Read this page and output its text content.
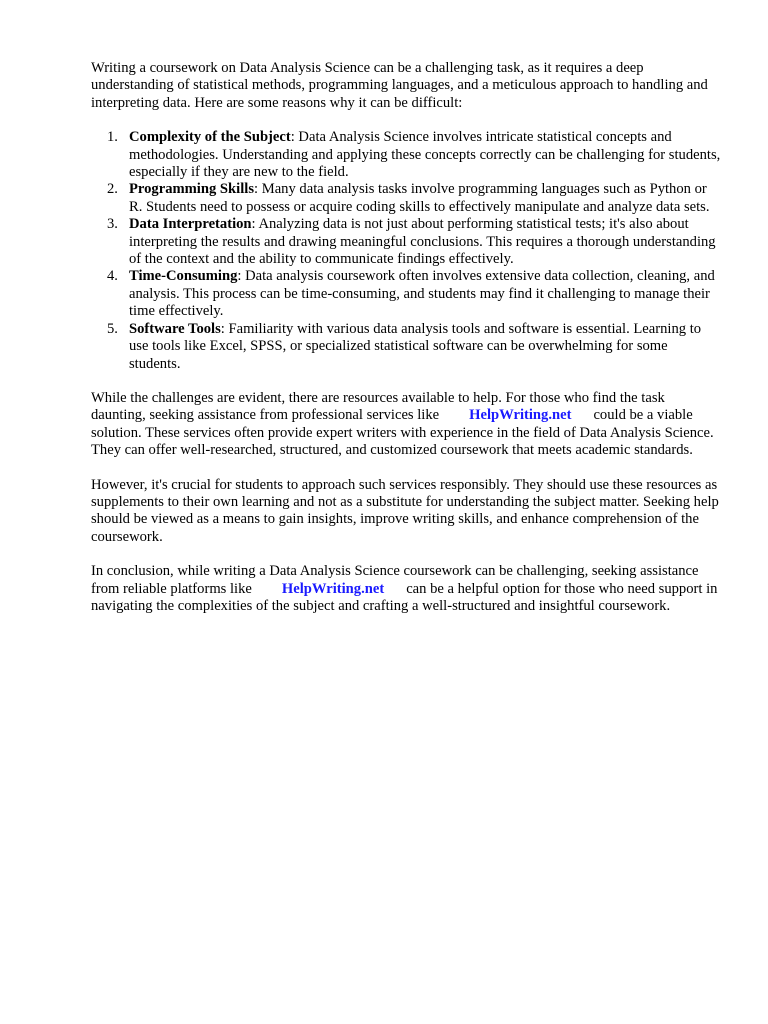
Writing a coursework on Data Analysis Science can be a challenging task, as it requires a deep understanding of statistical methods, programming languages, and a meticulous approach to handling and interpreting data. Here are some reasons why it can be difficult:

1. Complexity of the Subject: Data Analysis Science involves intricate statistical concepts and methodologies. Understanding and applying these concepts correctly can be challenging for students, especially if they are new to the field.
2. Programming Skills: Many data analysis tasks involve programming languages such as Python or R. Students need to possess or acquire coding skills to effectively manipulate and analyze data sets.
3. Data Interpretation: Analyzing data is not just about performing statistical tests; it's also about interpreting the results and drawing meaningful conclusions. This requires a thorough understanding of the context and the ability to communicate findings effectively.
4. Time-Consuming: Data analysis coursework often involves extensive data collection, cleaning, and analysis. This process can be time-consuming, and students may find it challenging to manage their time effectively.
5. Software Tools: Familiarity with various data analysis tools and software is essential. Learning to use tools like Excel, SPSS, or specialized statistical software can be overwhelming for some students.

While the challenges are evident, there are resources available to help. For those who find the task daunting, seeking assistance from professional services like HelpWriting.net could be a viable solution. These services often provide expert writers with experience in the field of Data Analysis Science. They can offer well-researched, structured, and customized coursework that meets academic standards.

However, it's crucial for students to approach such services responsibly. They should use these resources as supplements to their own learning and not as a substitute for understanding the subject matter. Seeking help should be viewed as a means to gain insights, improve writing skills, and enhance comprehension of the coursework.

In conclusion, while writing a Data Analysis Science coursework can be challenging, seeking assistance from reliable platforms like HelpWriting.net can be a helpful option for those who need support in navigating the complexities of the subject and crafting a well-structured and insightful coursework.
